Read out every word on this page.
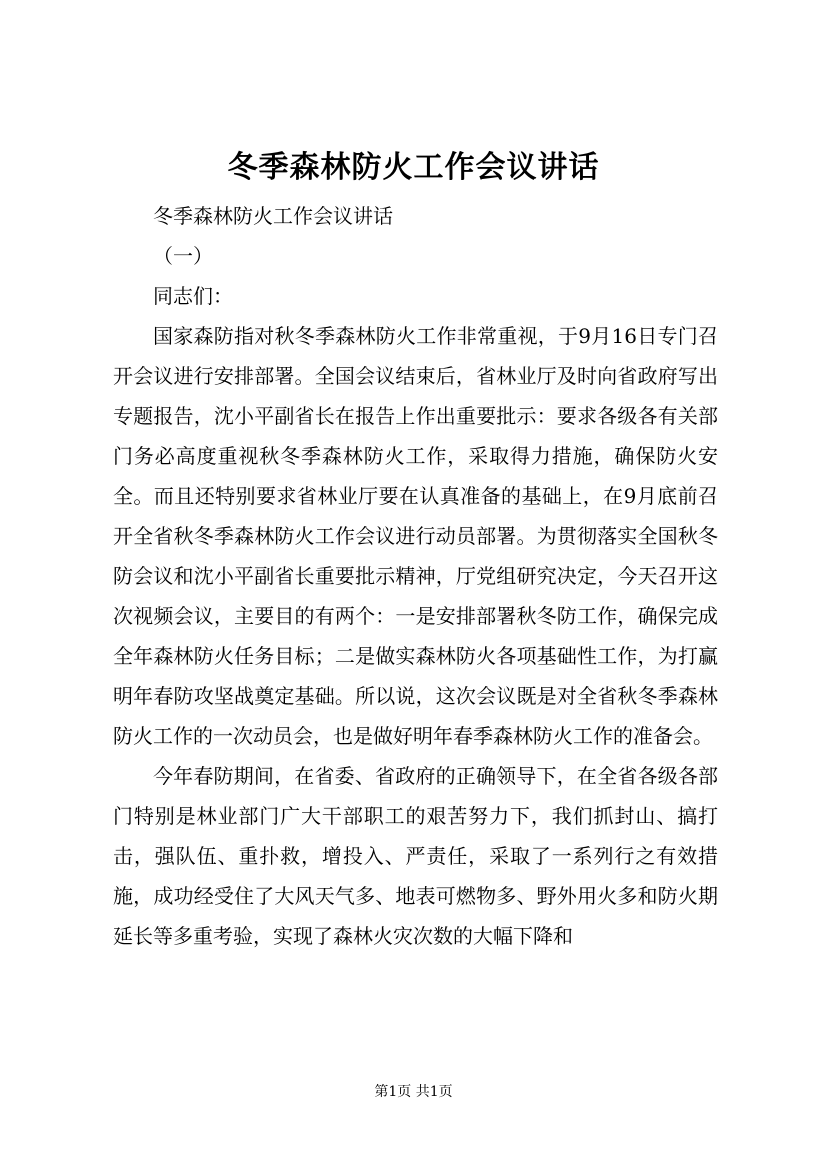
冬季森林防火工作会议讲话

冬季森林防火工作会议讲话

（一）

同志们：

国家森防指对秋冬季森林防火工作非常重视，于9月16日专门召开会议进行安排部署。全国会议结束后，省林业厅及时向省政府写出专题报告，沈小平副省长在报告上作出重要批示：要求各级各有关部门务必高度重视秋冬季森林防火工作，采取得力措施，确保防火安全。而且还特别要求省林业厅要在认真准备的基础上，在9月底前召开全省秋冬季森林防火工作会议进行动员部署。为贯彻落实全国秋冬防会议和沈小平副省长重要批示精神，厅党组研究决定，今天召开这次视频会议，主要目的有两个：一是安排部署秋冬防工作，确保完成全年森林防火任务目标；二是做实森林防火各项基础性工作，为打赢明年春防攻坚战奠定基础。所以说，这次会议既是对全省秋冬季森林防火工作的一次动员会，也是做好明年春季森林防火工作的准备会。

今年春防期间，在省委、省政府的正确领导下，在全省各级各部门特别是林业部门广大干部职工的艰苦努力下，我们抓封山、搞打击，强队伍、重扑救，增投入、严责任，采取了一系列行之有效措施，成功经受住了大风天气多、地表可燃物多、野外用火多和防火期延长等多重考验，实现了森林火灾次数的大幅下降和

第1页 共1页
